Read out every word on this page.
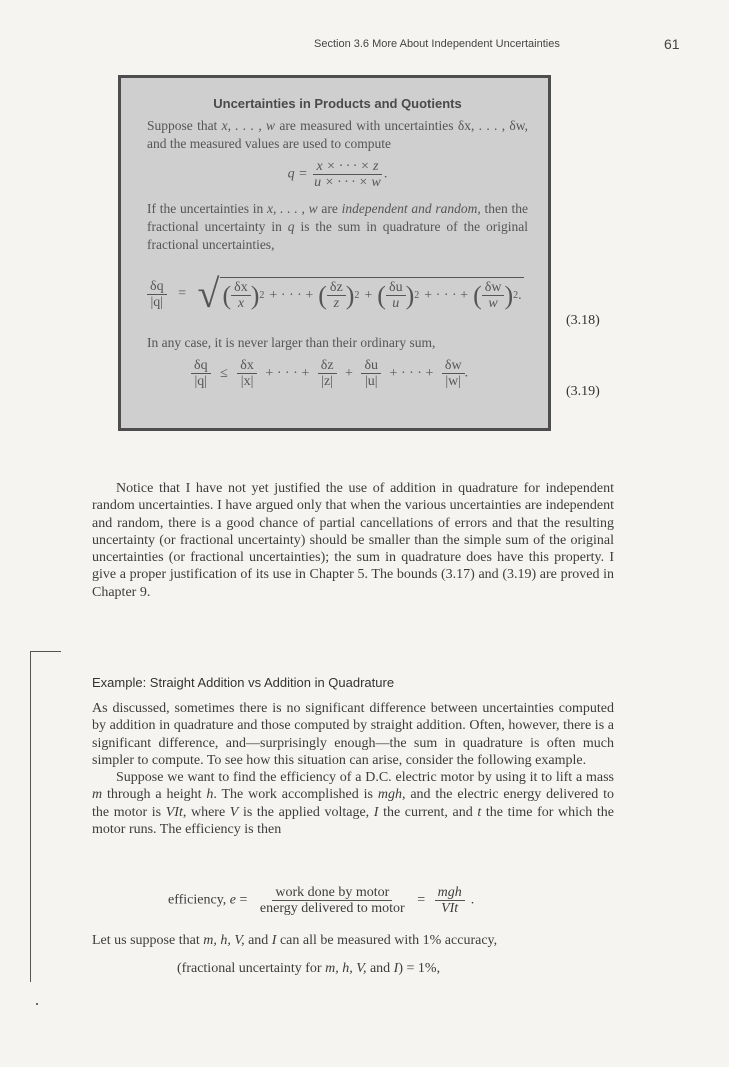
Section 3.6 More About Independent Uncertainties	61
Uncertainties in Products and Quotients

Suppose that x, . . . , w are measured with uncertainties δx, . . . , δw, and the measured values are used to compute

$q = \frac{x \times \cdot \cdot \cdot \times z}{u \times \cdot \cdot \cdot \times w}$ .

If the uncertainties in x, . . . , w are independent and random, then the fractional uncertainty in q is the sum in quadrature of the original fractional uncertainties,

$\frac{\delta q}{|q|}$ = √ ( $\frac{\delta x}{x}$ ) 2 + · · · + ( $\frac{\delta z}{z}$ ) 2 + ( $\frac{\delta u}{u}$ ) 2 + · · · + ( $\frac{\delta w}{w}$ ) 2 .

In any case, it is never larger than their ordinary sum,

$\frac{\delta q}{|q|} \le \frac{\delta x}{|x|}$ + · · · + $\frac{\delta z}{|z|} + \frac{\delta u}{|u|}$ + · · · + $\frac{\delta w}{|w|}$ .
(3.18)
(3.19)

Notice that I have not yet justified the use of addition in quadrature for independent random uncertainties. I have argued only that when the various uncertainties are independent and random, there is a good chance of partial cancellations of errors and that the resulting uncertainty (or fractional uncertainty) should be smaller than the simple sum of the original uncertainties (or fractional uncertainties); the sum in quadrature does have this property. I give a proper justification of its use in Chapter 5. The bounds (3.17) and (3.19) are proved in Chapter 9.

Example: Straight Addition vs Addition in Quadrature

As discussed, sometimes there is no significant difference between uncertainties computed by addition in quadrature and those computed by straight addition. Often, however, there is a significant difference, and—surprisingly enough—the sum in quadrature is often much simpler to compute. To see how this situation can arise, consider the following example.

Suppose we want to find the efficiency of a D.C. electric motor by using it to lift a mass m through a height h. The work accomplished is mgh, and the electric energy delivered to the motor is VIt, where V is the applied voltage, I the current, and t the time for which the motor runs. The efficiency is then

efficiency, $e = \frac{\text{work done by motor}}{\text{energy delivered to motor}} = \frac{\text{mgh}}{\text{VIt}}$ .
Let us suppose that m, h, V, and I can all be measured with 1% accuracy,
(fractional uncertainty for m, h, V, and I) = 1%,
